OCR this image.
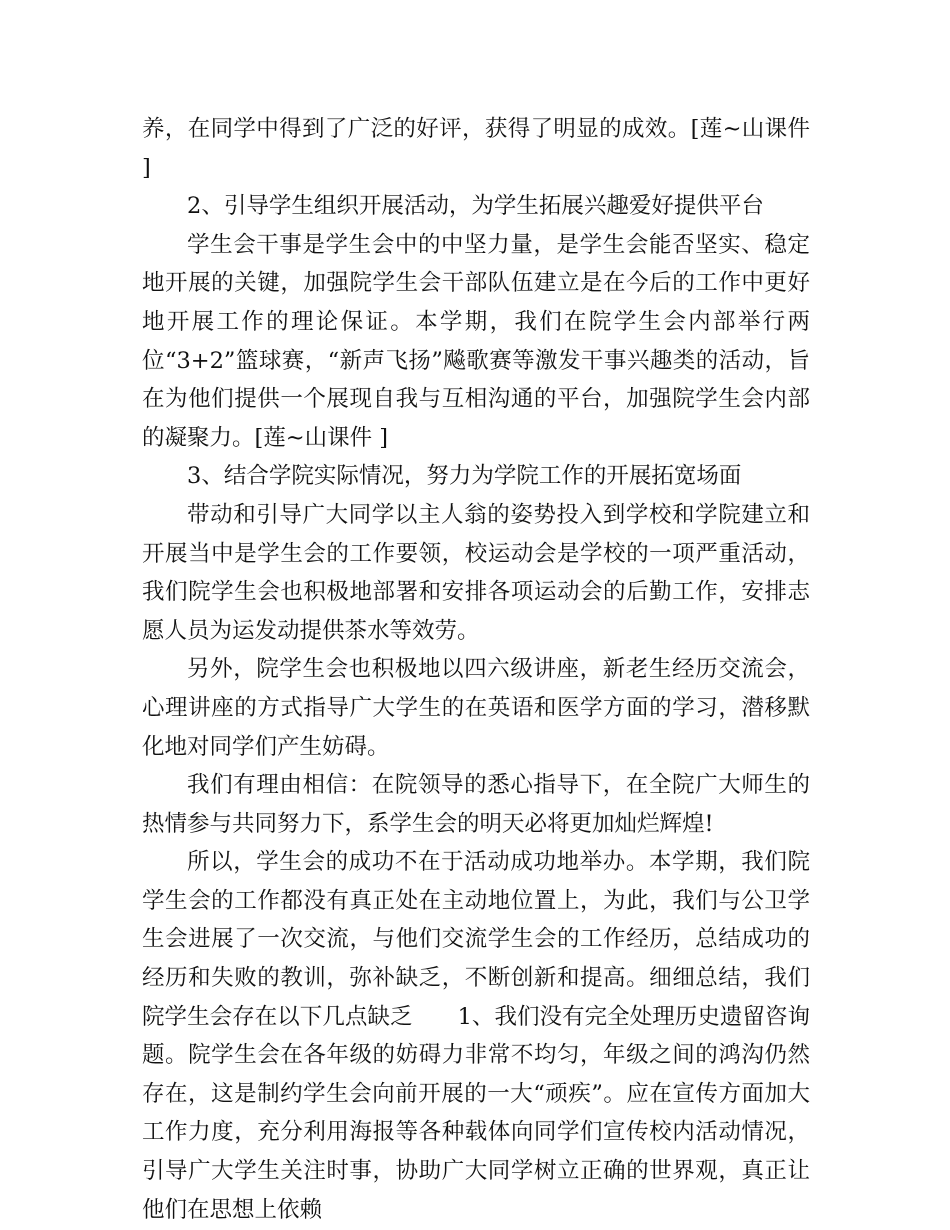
养，在同学中得到了广泛的好评，获得了明显的成效。[莲~山课件 ]

2、引导学生组织开展活动，为学生拓展兴趣爱好提供平台

学生会干事是学生会中的中坚力量，是学生会能否坚实、稳定地开展的关键，加强院学生会干部队伍建立是在今后的工作中更好地开展工作的理论保证。本学期，我们在院学生会内部举行两位“3+2”篮球赛，“新声飞扬”飚歌赛等激发干事兴趣类的活动，旨在为他们提供一个展现自我与互相沟通的平台，加强院学生会内部的凝聚力。[莲~山课件 ]

3、结合学院实际情况，努力为学院工作的开展拓宽场面

带动和引导广大同学以主人翁的姿势投入到学校和学院建立和开展当中是学生会的工作要领，校运动会是学校的一项严重活动，我们院学生会也积极地部署和安排各项运动会的后勤工作，安排志愿人员为运发动提供茶水等效劳。

另外，院学生会也积极地以四六级讲座，新老生经历交流会，心理讲座的方式指导广大学生的在英语和医学方面的学习，潜移默化地对同学们产生妨碍。

我们有理由相信：在院领导的悉心指导下，在全院广大师生的热情参与共同努力下，系学生会的明天必将更加灿烂辉煌!

所以，学生会的成功不在于活动成功地举办。本学期，我们院学生会的工作都没有真正处在主动地位置上，为此，我们与公卫学生会进展了一次交流，与他们交流学生会的工作经历，总结成功的经历和失败的教训，弥补缺乏，不断创新和提高。细细总结，我们院学生会存在以下几点缺乏　　1、我们没有完全处理历史遗留咨询题。院学生会在各年级的妨碍力非常不均匀，年级之间的鸿沟仍然存在，这是制约学生会向前开展的一大“顽疾”。应在宣传方面加大工作力度，充分利用海报等各种载体向同学们宣传校内活动情况，引导广大学生关注时事，协助广大同学树立正确的世界观，真正让他们在思想上依赖
